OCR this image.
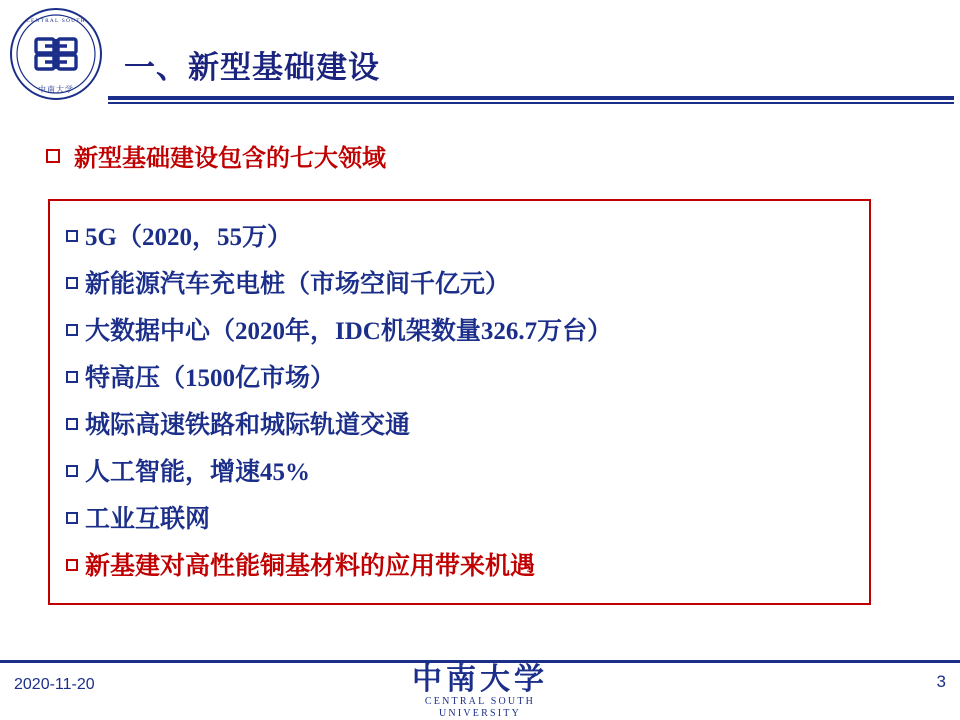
CENTRAL SOUTH
中南大学
一、新型基础建设
新型基础建设包含的七大领域
5G（2020，55万）
新能源汽车充电桩（市场空间千亿元）
大数据中心（2020年，IDC机架数量326.7万台）
特高压（1500亿市场）
城际高速铁路和城际轨道交通
人工智能，增速45%
工业互联网
新基建对高性能铜基材料的应用带来机遇
2020-11-20	中南大学
CENTRAL SOUTH UNIVERSITY
3
